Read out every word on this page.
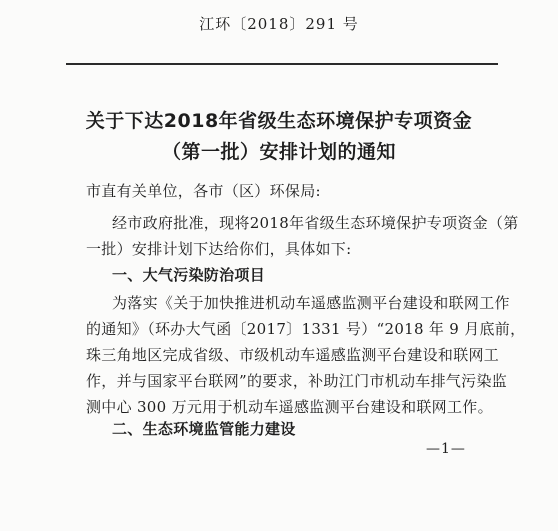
江环〔2018〕291 号
关于下达2018年省级生态环境保护专项资金
（第一批）安排计划的通知
市直有关单位，各市（区）环保局:
经市政府批准，现将2018年省级生态环境保护专项资金（第
一批）安排计划下达给你们，具体如下:
一、大气污染防治项目
为落实《关于加快推进机动车遥感监测平台建设和联网工作
的通知》（环办大气函〔2017〕1331 号）“2018 年 9 月底前，
珠三角地区完成省级、市级机动车遥感监测平台建设和联网工
作，并与国家平台联网”的要求，补助江门市机动车排气污染监
测中心 300 万元用于机动车遥感监测平台建设和联网工作。
二、生态环境监管能力建设
—1—
